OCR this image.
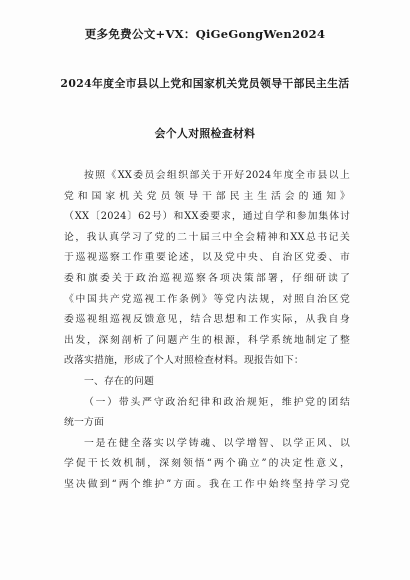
更多免费公文+VX：QiGeGongWen2024
2024年度全市县以上党和国家机关党员领导干部民主生活
会个人对照检查材料
按照《XX委员会组织部关于开好2024年度全市县以上
党和国家机关党员领导干部民主生活会的通知》
（XX〔2024〕62号）和XX委要求，通过自学和参加集体讨
论，我认真学习了党的二十届三中全会精神和XX总书记关
于巡视巡察工作重要论述，以及党中央、自治区党委、市
委和旗委关于政治巡视巡察各项决策部署，仔细研读了
《中国共产党巡视工作条例》等党内法规，对照自治区党
委巡视组巡视反馈意见，结合思想和工作实际，从我自身
出发，深刻剖析了问题产生的根源，科学系统地制定了整
改落实措施，形成了个人对照检查材料。现报告如下：
一、存在的问题
（一）带头严守政治纪律和政治规矩，维护党的团结
统一方面
一是在健全落实以学铸魂、以学增智、以学正风、以
学促干长效机制，深刻领悟“两个确立”的决定性意义，
坚决做到“两个维护”方面。我在工作中始终坚持学习党
